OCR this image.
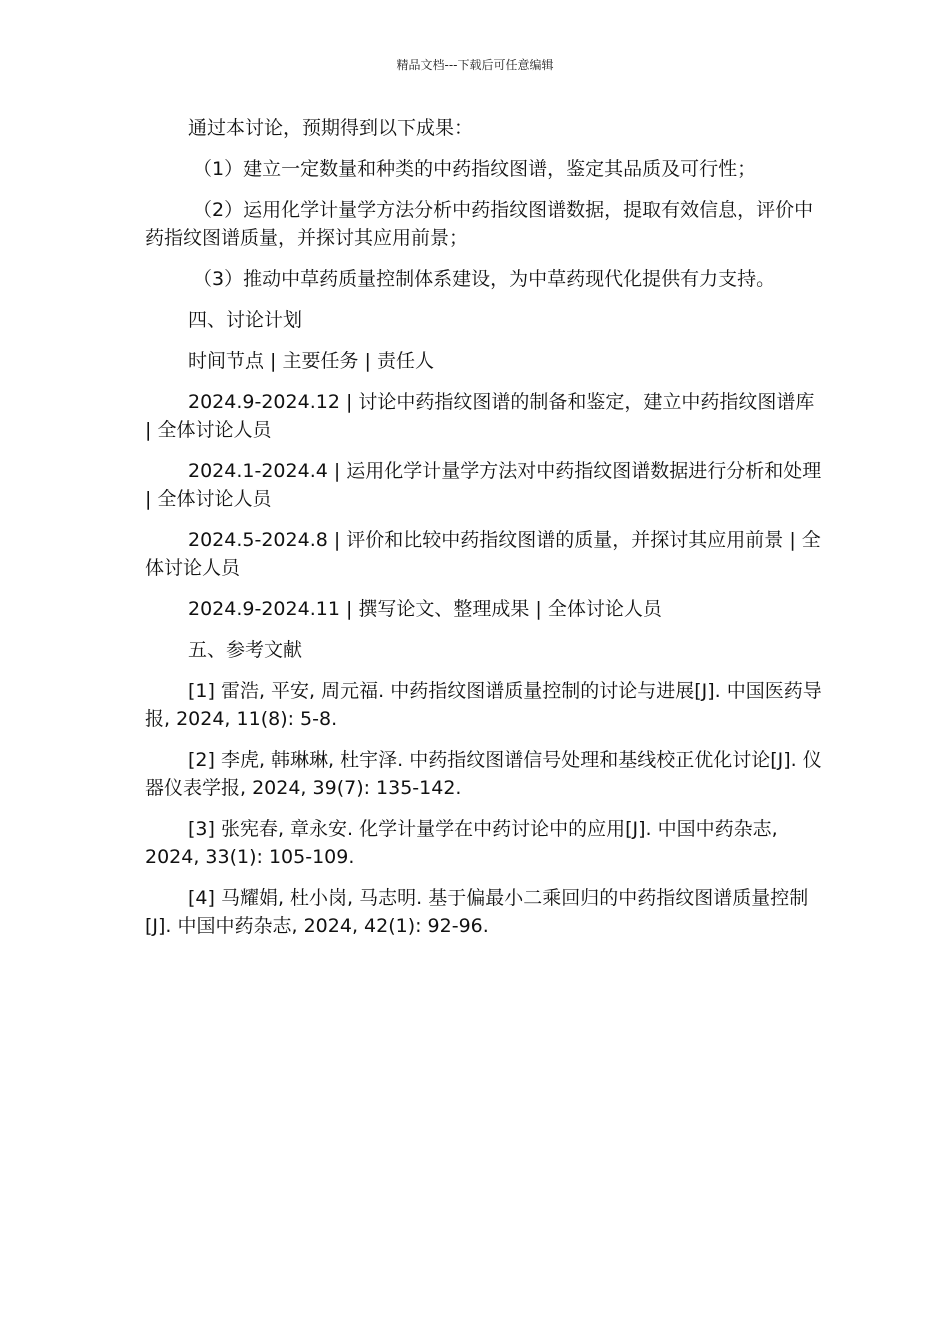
精品文档---下载后可任意编辑

通过本讨论，预期得到以下成果：

（1）建立一定数量和种类的中药指纹图谱，鉴定其品质及可行性；

（2）运用化学计量学方法分析中药指纹图谱数据，提取有效信息，评价中药指纹图谱质量，并探讨其应用前景；

（3）推动中草药质量控制体系建设，为中草药现代化提供有力支持。

四、讨论计划

时间节点 | 主要任务 | 责任人

2024.9-2024.12 | 讨论中药指纹图谱的制备和鉴定，建立中药指纹图谱库 | 全体讨论人员

2024.1-2024.4 | 运用化学计量学方法对中药指纹图谱数据进行分析和处理 | 全体讨论人员

2024.5-2024.8 | 评价和比较中药指纹图谱的质量，并探讨其应用前景 | 全体讨论人员

2024.9-2024.11 | 撰写论文、整理成果 | 全体讨论人员

五、参考文献

[1] 雷浩, 平安, 周元福. 中药指纹图谱质量控制的讨论与进展[J]. 中国医药导报, 2024, 11(8): 5-8.

[2] 李虎, 韩琳琳, 杜宇泽. 中药指纹图谱信号处理和基线校正优化讨论[J]. 仪器仪表学报, 2024, 39(7): 135-142.

[3] 张宪春, 章永安. 化学计量学在中药讨论中的应用[J]. 中国中药杂志, 2024, 33(1): 105-109.

[4] 马耀娟, 杜小岗, 马志明. 基于偏最小二乘回归的中药指纹图谱质量控制[J]. 中国中药杂志, 2024, 42(1): 92-96.
